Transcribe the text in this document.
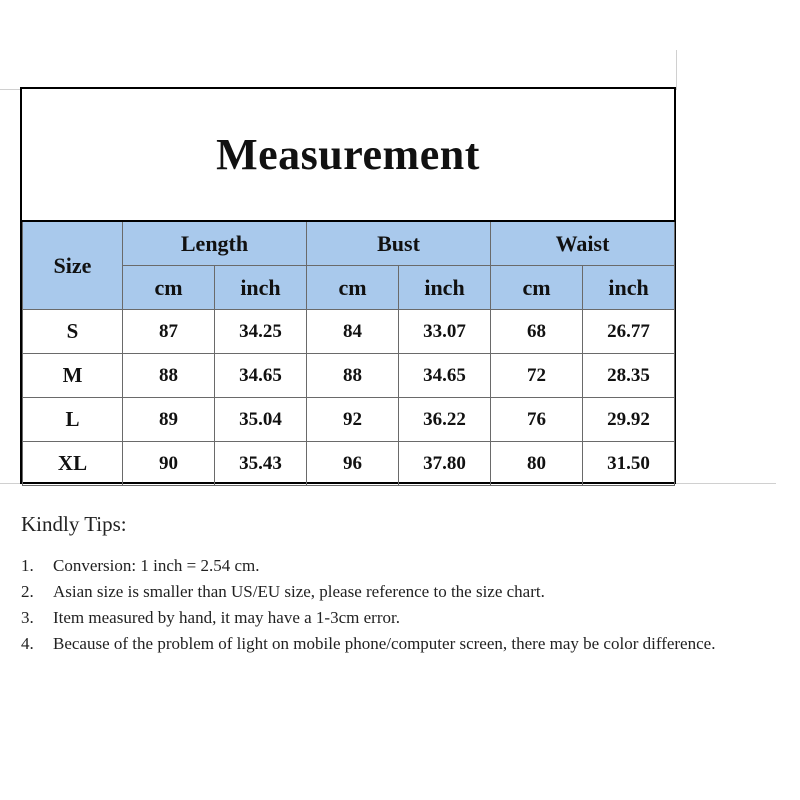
Measurement
Size	Length		Bust		Waist	
	cm	inch	cm	inch	cm	inch
S	87	34.25	84	33.07	68	26.77
M	88	34.65	88	34.65	72	28.35
L	89	35.04	92	36.22	76	29.92
XL	90	35.43	96	37.80	80	31.50
Kindly Tips:
1.	Conversion: 1 inch = 2.54 cm.
2.	Asian size is smaller than US/EU size, please reference to the size chart.
3.	Item measured by hand, it may have a 1-3cm error.
4.	Because of the problem of light on mobile phone/computer screen, there may be color difference.
